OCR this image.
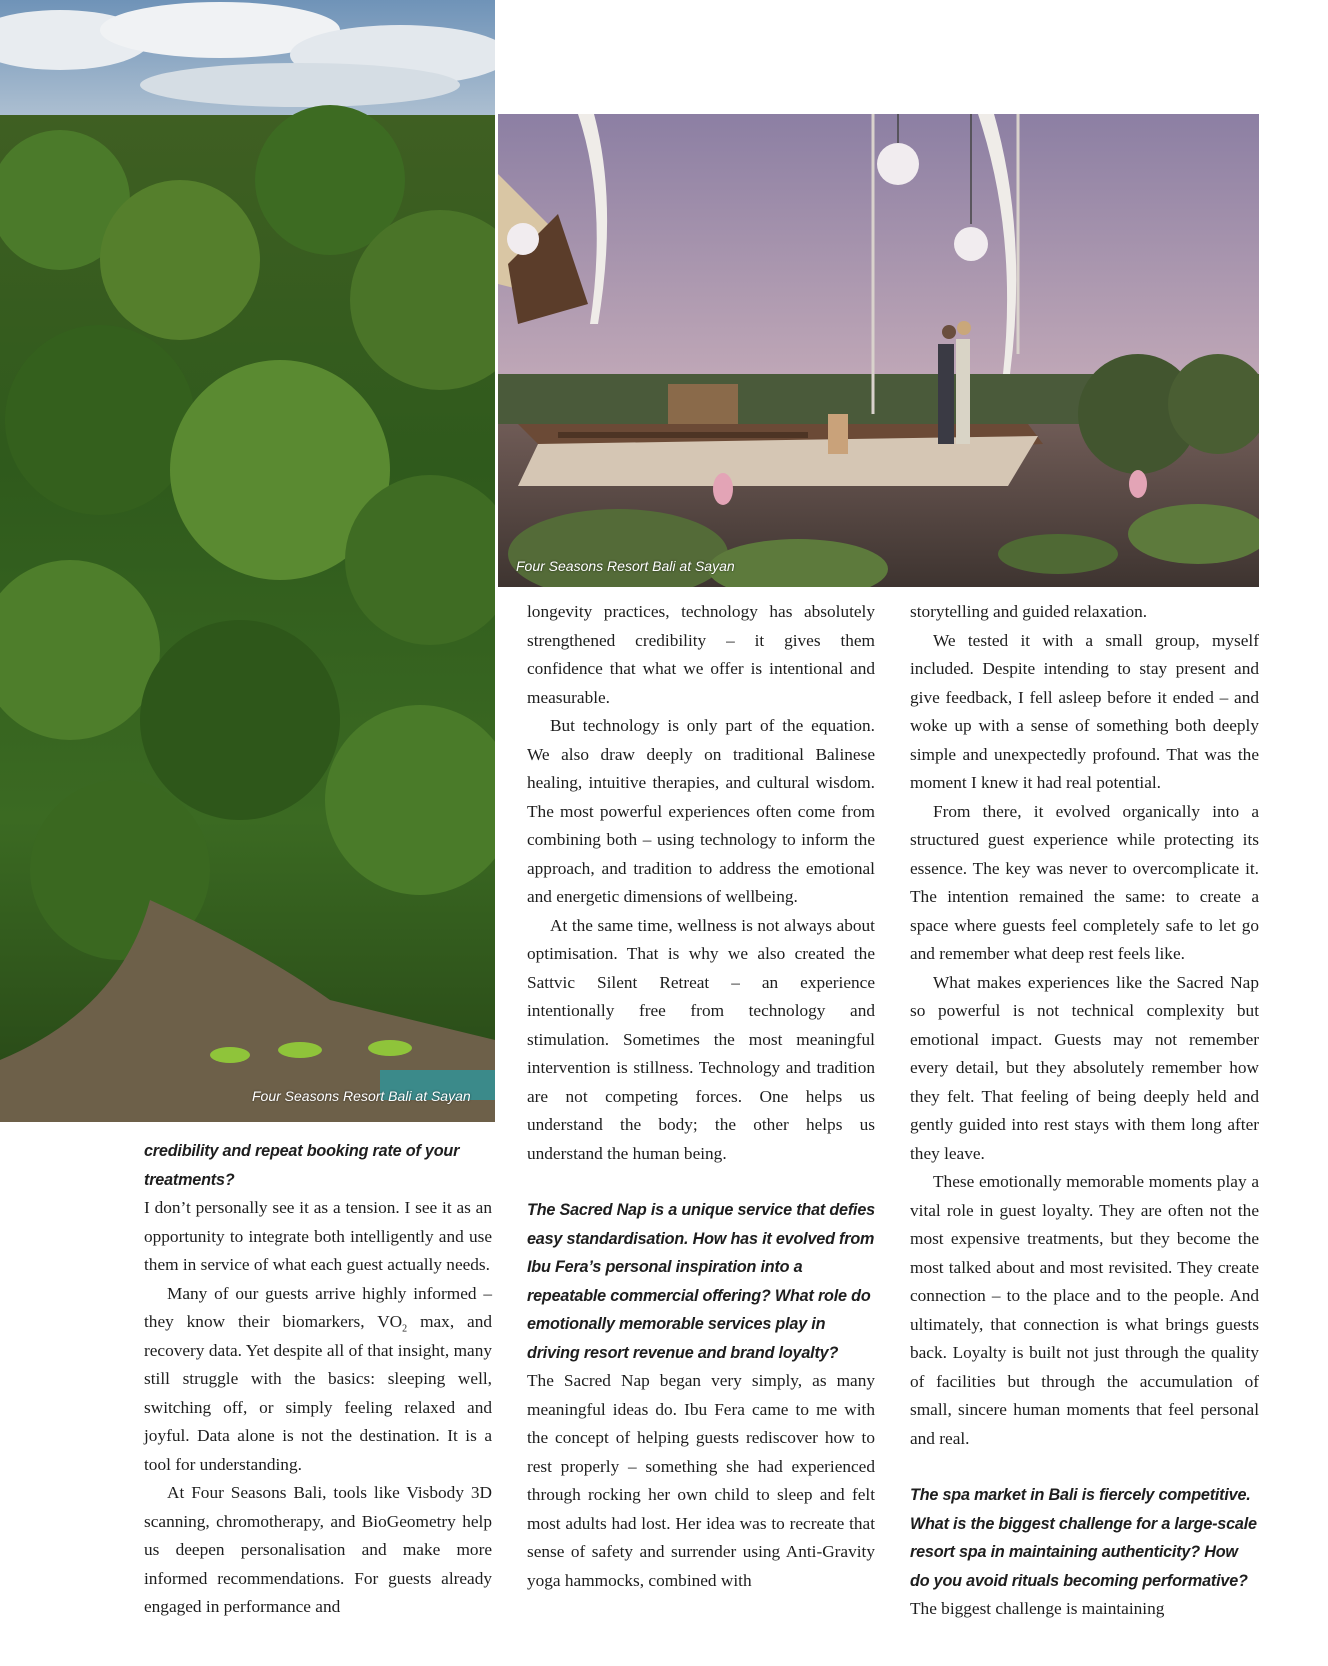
Four Seasons Resort Bali at Sayan
Four Seasons Resort Bali at Sayan

credibility and repeat booking rate of your treatments?

I don’t personally see it as a tension. I see it as an opportunity to integrate both intelligently and use them in service of what each guest actually needs.

Many of our guests arrive highly informed – they know their biomarkers, $VO_2$ max, and recovery data. Yet despite all of that insight, many still struggle with the basics: sleeping well, switching off, or simply feeling relaxed and joyful. Data alone is not the destination. It is a tool for understanding.

At Four Seasons Bali, tools like Visbody 3D scanning, chromotherapy, and BioGeometry help us deepen personalisation and make more informed recommendations. For guests already engaged in performance and

longevity practices, technology has absolutely strengthened credibility – it gives them confidence that what we offer is intentional and measurable.

But technology is only part of the equation. We also draw deeply on traditional Balinese healing, intuitive therapies, and cultural wisdom. The most powerful experiences often come from combining both – using technology to inform the approach, and tradition to address the emotional and energetic dimensions of wellbeing.

At the same time, wellness is not always about optimisation. That is why we also created the Sattvic Silent Retreat – an experience intentionally free from technology and stimulation. Sometimes the most meaningful intervention is stillness. Technology and tradition are not competing forces. One helps us understand the body; the other helps us understand the human being.

The Sacred Nap is a unique service that defies easy standardisation. How has it evolved from Ibu Fera’s personal inspiration into a repeatable commercial offering? What role do emotionally memorable services play in driving resort revenue and brand loyalty?

The Sacred Nap began very simply, as many meaningful ideas do. Ibu Fera came to me with the concept of helping guests rediscover how to rest properly – something she had experienced through rocking her own child to sleep and felt most adults had lost. Her idea was to recreate that sense of safety and surrender using Anti-Gravity yoga hammocks, combined with

storytelling and guided relaxation.

We tested it with a small group, myself included. Despite intending to stay present and give feedback, I fell asleep before it ended – and woke up with a sense of something both deeply simple and unexpectedly profound. That was the moment I knew it had real potential.

From there, it evolved organically into a structured guest experience while protecting its essence. The key was never to overcomplicate it. The intention remained the same: to create a space where guests feel completely safe to let go and remember what deep rest feels like.

What makes experiences like the Sacred Nap so powerful is not technical complexity but emotional impact. Guests may not remember every detail, but they absolutely remember how they felt. That feeling of being deeply held and gently guided into rest stays with them long after they leave.

These emotionally memorable moments play a vital role in guest loyalty. They are often not the most expensive treatments, but they become the most talked about and most revisited. They create connection – to the place and to the people. And ultimately, that connection is what brings guests back. Loyalty is built not just through the quality of facilities but through the accumulation of small, sincere human moments that feel personal and real.

The spa market in Bali is fiercely competitive. What is the biggest challenge for a large-scale resort spa in maintaining authenticity? How do you avoid rituals becoming performative?

The biggest challenge is maintaining
